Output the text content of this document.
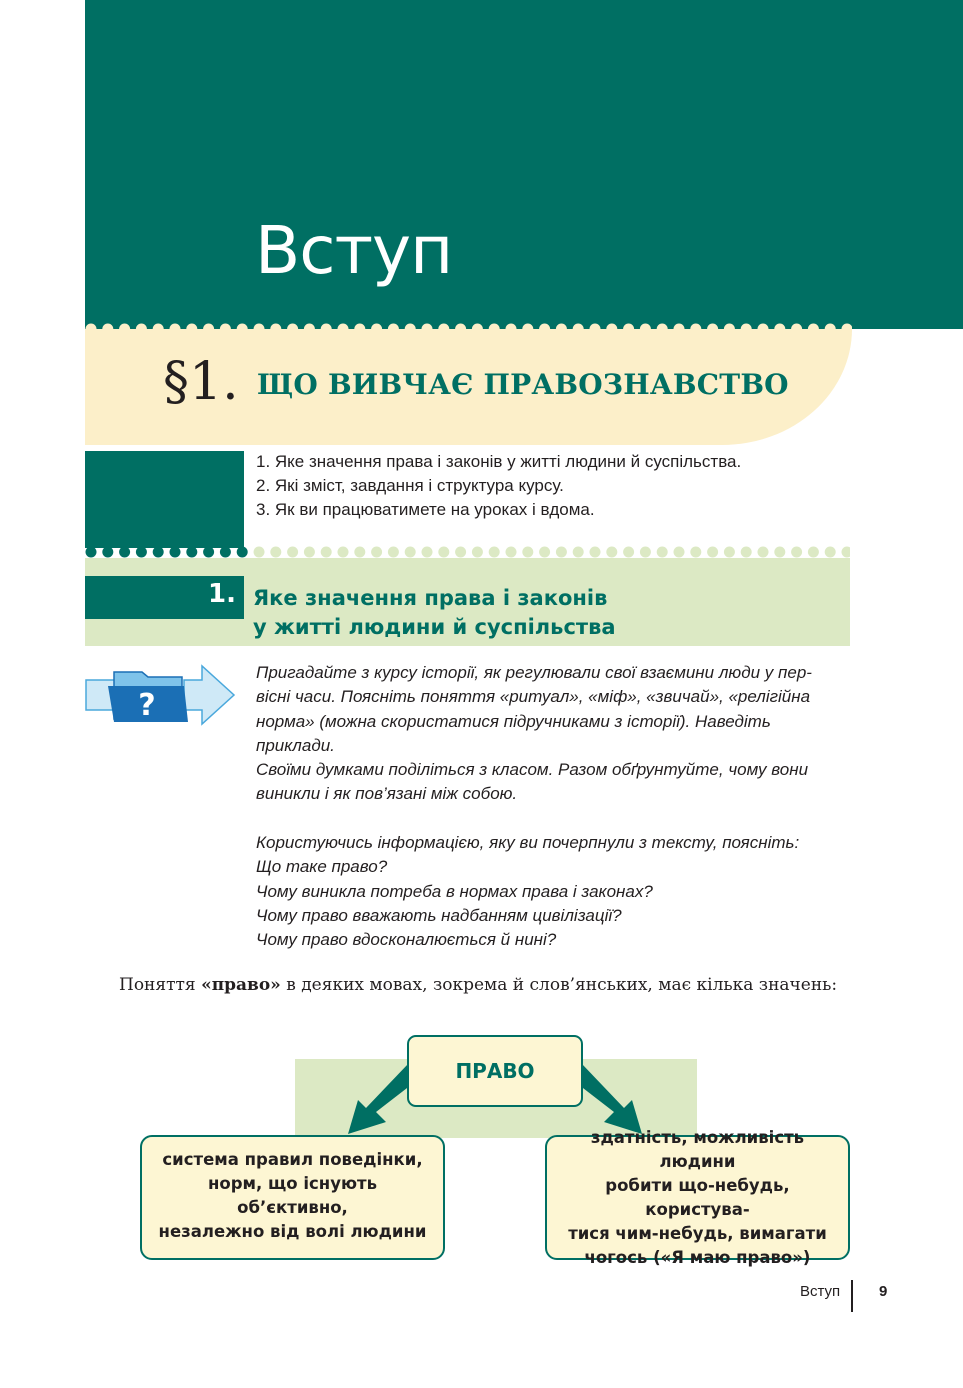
Вступ
§1. ЩО ВИВЧАЄ ПРАВОЗНАВСТВО
1. Яке значення права і законів у житті людини й суспільства.
2. Які зміст, завдання і структура курсу.
3. Як ви працюватимете на уроках і вдома.
1. Яке значення права і законів
у житті людини й суспільства
?

Пригадайте з курсу історії, як регулювали свої взаємини люди у пер-
вісні часи. Поясніть поняття «ритуал», «міф», «звичай», «релігійна
норма» (можна скористатися підручниками з історії). Наведіть
приклади.
Своїми думками поділіться з класом. Разом обґрунтуйте, чому вони
виникли і як пов’язані між собою.

Користуючись інформацією, яку ви почерпнули з тексту, поясніть:
Що таке право?
Чому виникла потреба в нормах права і законах?
Чому право вважають надбанням цивілізації?
Чому право вдосконалюється й нині?

Поняття «право» в деяких мовах, зокрема й слов’янських, має кілька значень:
ПРАВО
система правил поведінки,
норм, що існують об’єктивно,
незалежно від волі людини
здатність, можливість людини
робити що-небудь, користува-
тися чим-небудь, вимагати
чогось («Я маю право»)
Вступ	9
